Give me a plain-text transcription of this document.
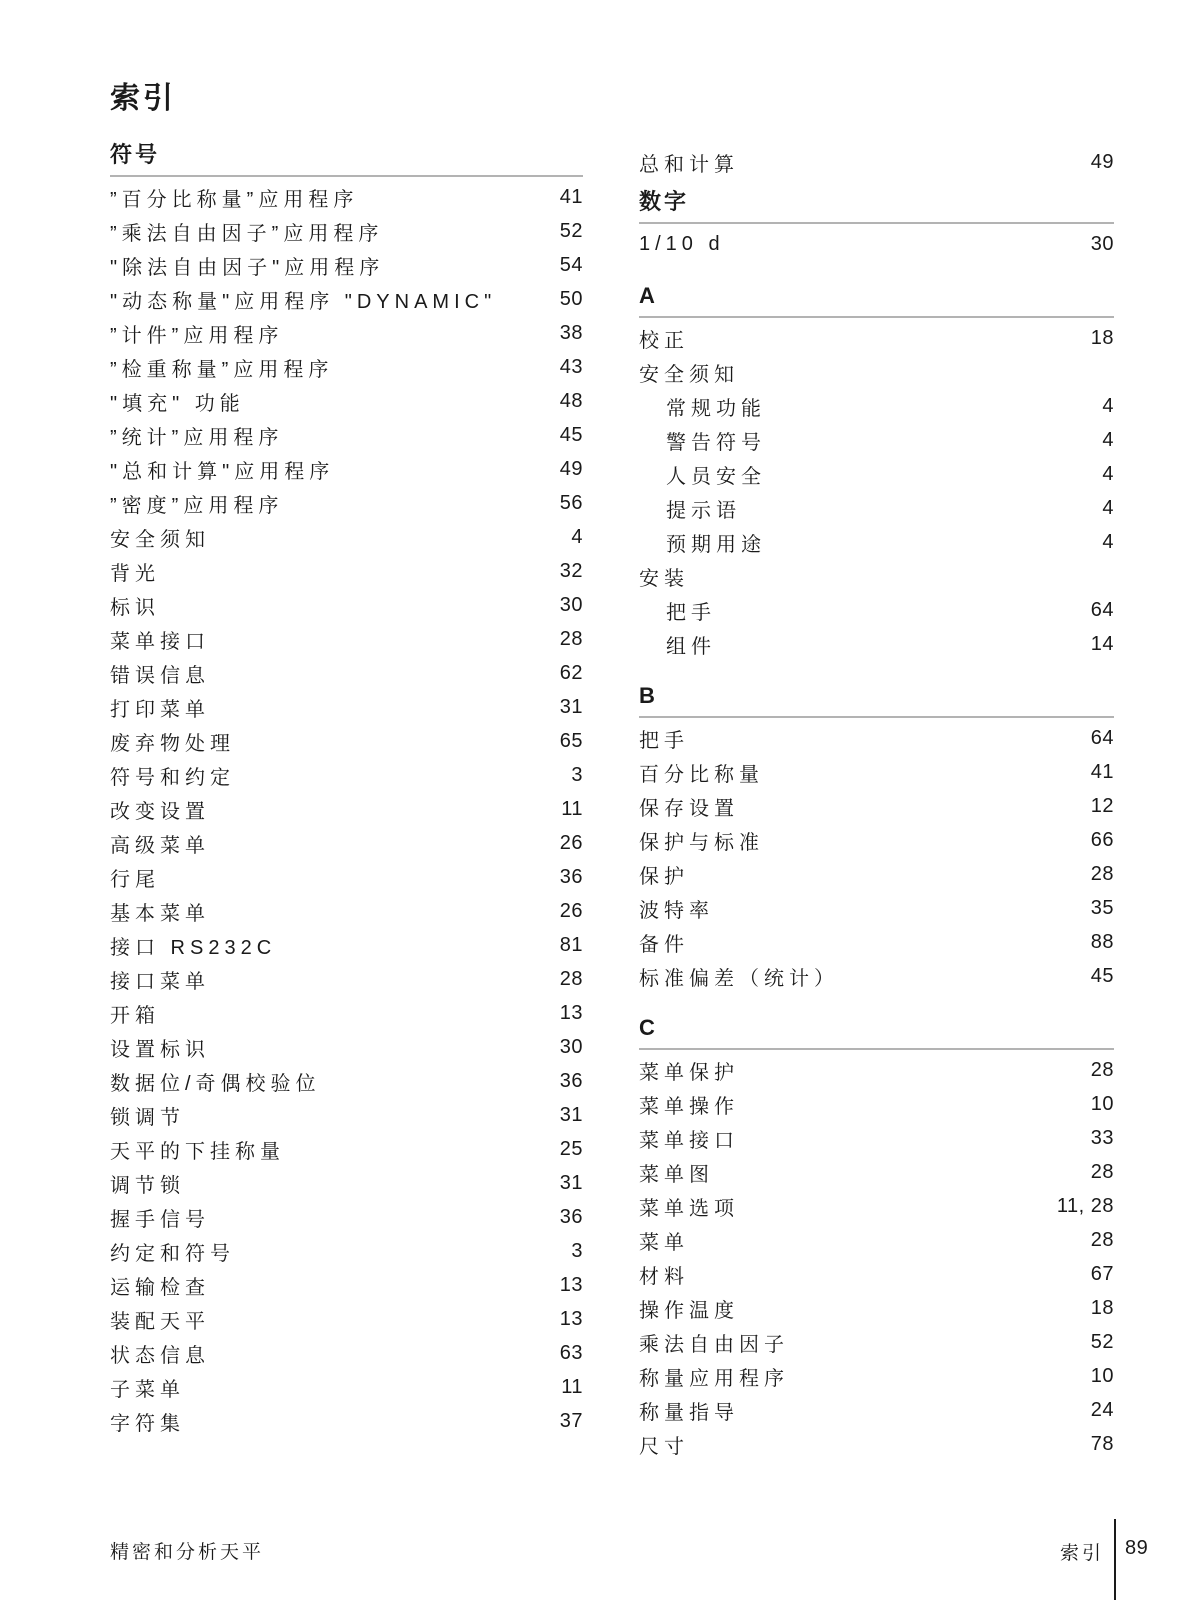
索引
符号
”百分比称量”应用程序	41
”乘法自由因子”应用程序	52
"除法自由因子"应用程序	54
"动态称量"应用程序 "DYNAMIC"	50
”计件”应用程序	38
”检重称量”应用程序	43
"填充" 功能	48
”统计”应用程序	45
"总和计算"应用程序	49
”密度”应用程序	56
安全须知	4
背光	32
标识	30
菜单接口	28
错误信息	62
打印菜单	31
废弃物处理	65
符号和约定	3
改变设置	11
高级菜单	26
行尾	36
基本菜单	26
接口 RS232C	81
接口菜单	28
开箱	13
设置标识	30
数据位/奇偶校验位	36
锁调节	31
天平的下挂称量	25
调节锁	31
握手信号	36
约定和符号	3
运输检查	13
装配天平	13
状态信息	63
子菜单	11
字符集	37
总和计算	49
数字
1/10 d	30
A
校正	18
安全须知
常规功能	4
警告符号	4
人员安全	4
提示语	4
预期用途	4
安装
把手	64
组件	14
B
把手	64
百分比称量	41
保存设置	12
保护与标准	66
保护	28
波特率	35
备件	88
标准偏差（统计）	45
C
菜单保护	28
菜单操作	10
菜单接口	33
菜单图	28
菜单选项	11, 28
菜单	28
材料	67
操作温度	18
乘法自由因子	52
称量应用程序	10
称量指导	24
尺寸	78
精密和分析天平	索引 89
